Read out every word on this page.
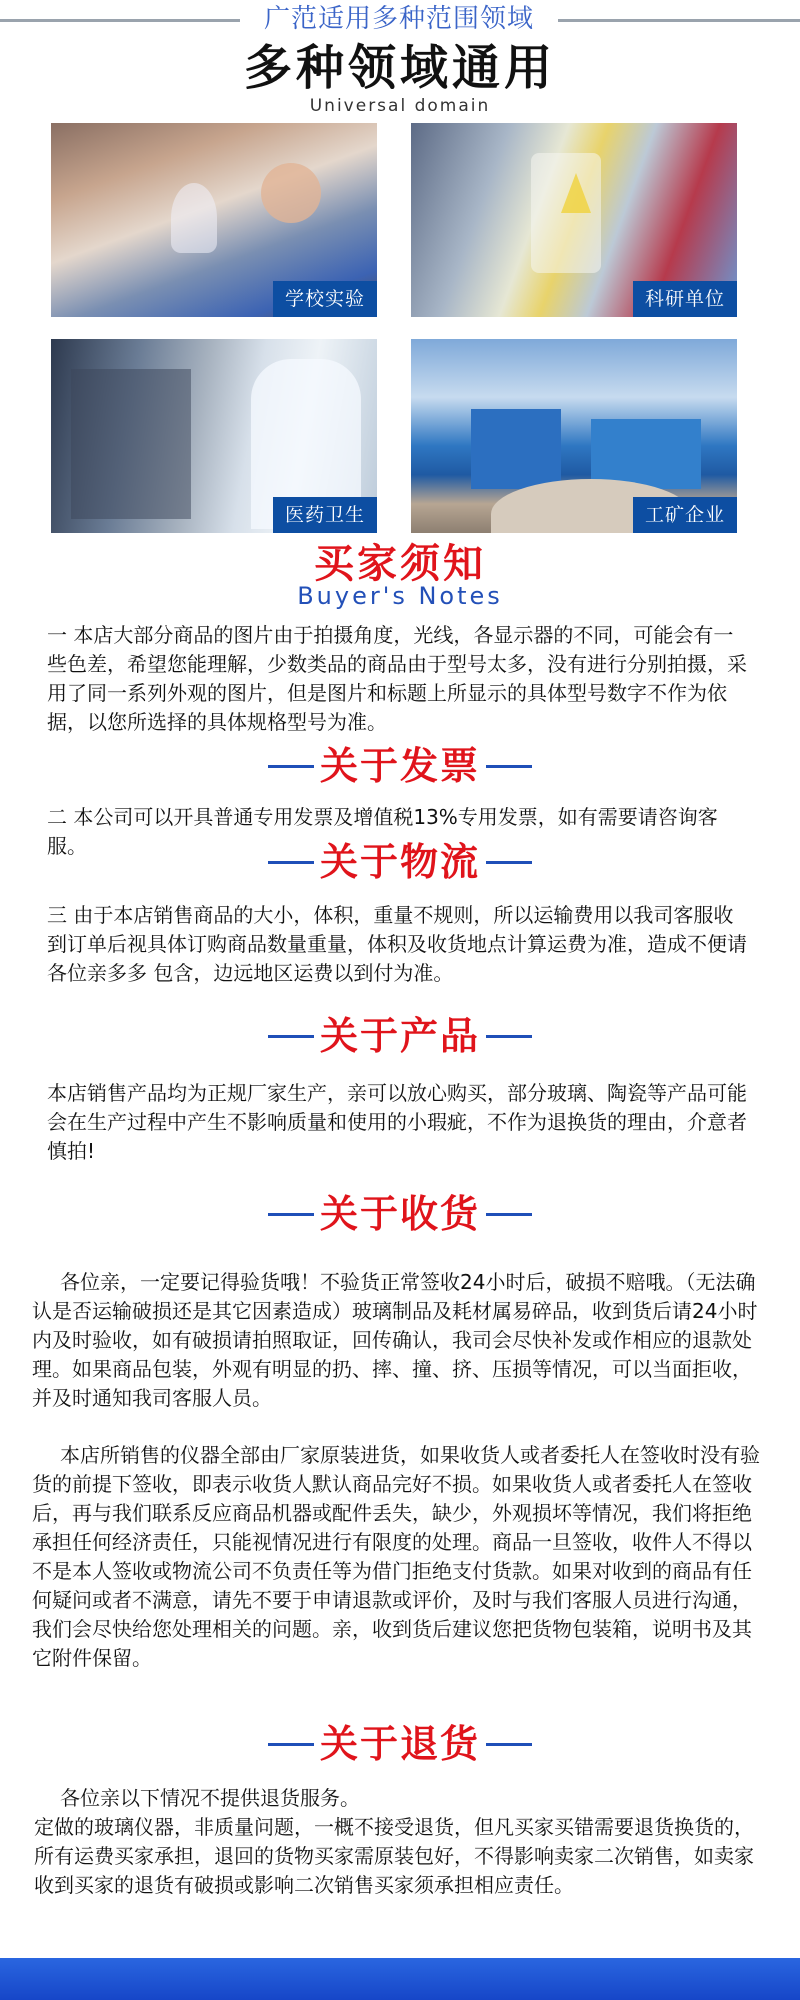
广范适用多种范围领域
多种领域通用
Universal domain
学校实验	科研单位
医药卫生	工矿企业
买家须知
Buyer's Notes
一 本店大部分商品的图片由于拍摄角度，光线，各显示器的不同，可能会有一些色差，希望您能理解，少数类品的商品由于型号太多，没有进行分别拍摄，采用了同一系列外观的图片，但是图片和标题上所显示的具体型号数字不作为依据，以您所选择的具体规格型号为准。
关于发票
二 本公司可以开具普通专用发票及增值税13%专用发票，如有需要请咨询客服。	关于物流
三 由于本店销售商品的大小，体积，重量不规则，所以运输费用以我司客服收到订单后视具体订购商品数量重量，体积及收货地点计算运费为准，造成不便请各位亲多多 包含，边远地区运费以到付为准。
关于产品
本店销售产品均为正规厂家生产，亲可以放心购买，部分玻璃、陶瓷等产品可能会在生产过程中产生不影响质量和使用的小瑕疵，不作为退换货的理由，介意者慎拍!
关于收货
各位亲，一定要记得验货哦！不验货正常签收24小时后，破损不赔哦。（无法确认是否运输破损还是其它因素造成）玻璃制品及耗材属易碎品，收到货后请24小时内及时验收，如有破损请拍照取证，回传确认，我司会尽快补发或作相应的退款处理。如果商品包装，外观有明显的扔、摔、撞、挤、压损等情况，可以当面拒收，并及时通知我司客服人员。
本店所销售的仪器全部由厂家原装进货，如果收货人或者委托人在签收时没有验货的前提下签收，即表示收货人默认商品完好不损。如果收货人或者委托人在签收后，再与我们联系反应商品机器或配件丢失，缺少，外观损坏等情况，我们将拒绝承担任何经济责任，只能视情况进行有限度的处理。商品一旦签收，收件人不得以不是本人签收或物流公司不负责任等为借门拒绝支付货款。如果对收到的商品有任何疑问或者不满意，请先不要于申请退款或评价，及时与我们客服人员进行沟通，我们会尽快给您处理相关的问题。亲，收到货后建议您把货物包装箱，说明书及其它附件保留。
关于退货
各位亲以下情况不提供退货服务。
定做的玻璃仪器，非质量问题，一概不接受退货，但凡买家买错需要退货换货的，所有运费买家承担，退回的货物买家需原装包好，不得影响卖家二次销售，如卖家收到买家的退货有破损或影响二次销售买家须承担相应责任。
